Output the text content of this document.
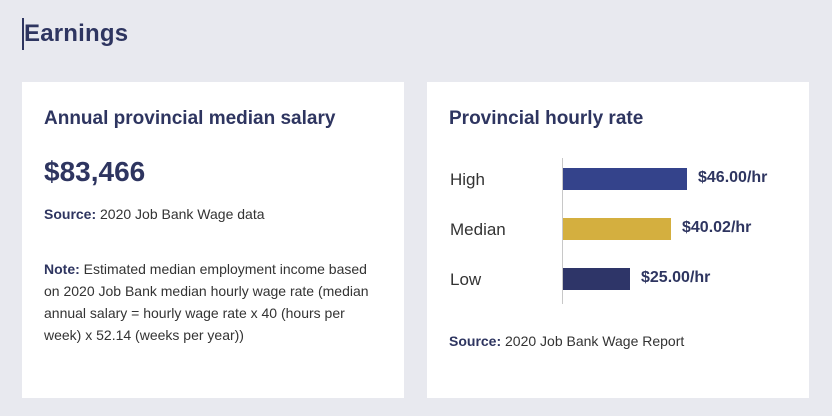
Earnings
Annual provincial median salary
$83,466
Source: 2020 Job Bank Wage data
Note: Estimated median employment income based on 2020 Job Bank median hourly wage rate (median annual salary = hourly wage rate x 40 (hours per week) x 52.14 (weeks per year))
Provincial hourly rate
High	$46.00/hr
Median	$40.02/hr
Low	$25.00/hr
Source: 2020 Job Bank Wage Report
